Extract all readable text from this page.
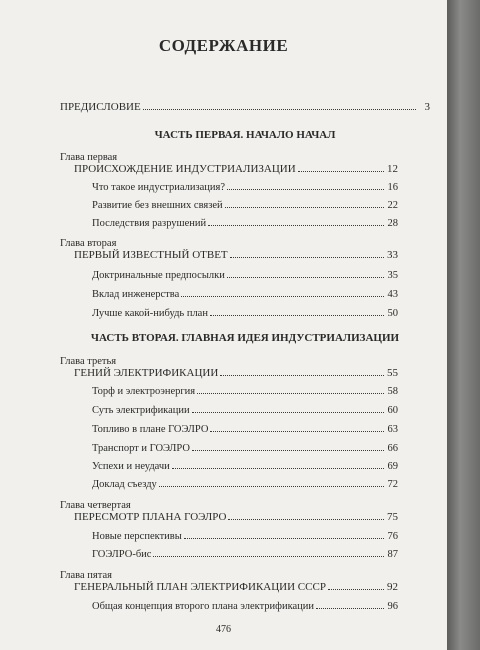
СОДЕРЖАНИЕ
ПРЕДИСЛОВИЕ	3
ЧАСТЬ ПЕРВАЯ. НАЧАЛО НАЧАЛ
Глава первая
ПРОИСХОЖДЕНИЕ ИНДУСТРИАЛИЗАЦИИ	12
Что такое индустриализация?	16
Развитие без внешних связей	22
Последствия разрушений	28
Глава вторая
ПЕРВЫЙ ИЗВЕСТНЫЙ ОТВЕТ	33
Доктринальные предпосылки	35
Вклад инженерства	43
Лучше какой-нибудь план	50
ЧАСТЬ ВТОРАЯ. ГЛАВНАЯ ИДЕЯ ИНДУСТРИАЛИЗАЦИИ
Глава третья
ГЕНИЙ ЭЛЕКТРИФИКАЦИИ	55
Торф и электроэнергия	58
Суть электрификации	60
Топливо в плане ГОЭЛРО	63
Транспорт и ГОЭЛРО	66
Успехи и неудачи	69
Доклад съезду	72
Глава четвертая
ПЕРЕСМОТР ПЛАНА ГОЭЛРО	75
Новые перспективы	76
ГОЭЛРО-бис	87
Глава пятая
ГЕНЕРАЛЬНЫЙ ПЛАН ЭЛЕКТРИФИКАЦИИ СССР	92
Общая концепция второго плана электрификации	96
476
